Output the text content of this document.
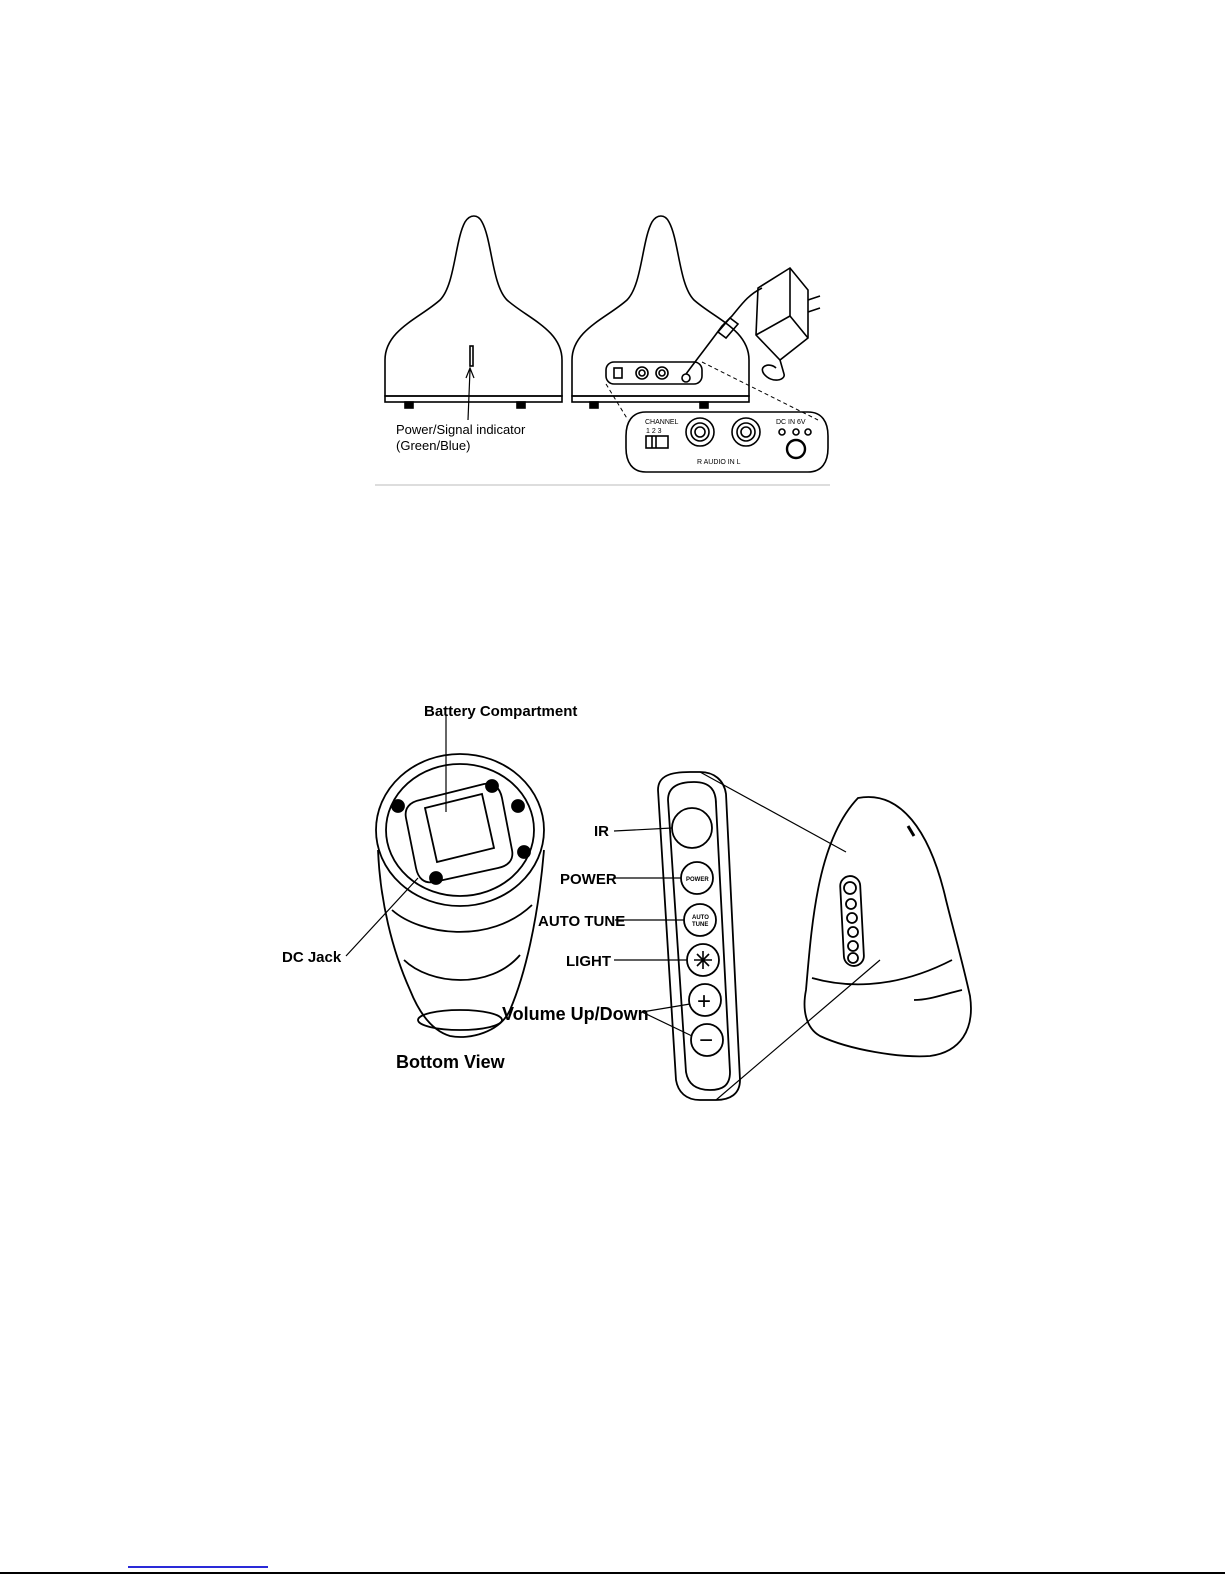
Power/Signal indicator
(Green/Blue)
CHANNEL
1 2 3
R AUDIO IN L
DC IN 6V
Battery Compartment
DC Jack
Bottom View
IR
POWER
AUTO TUNE
LIGHT
Volume Up/Down
POWER
AUTO
TUNE
+
−
